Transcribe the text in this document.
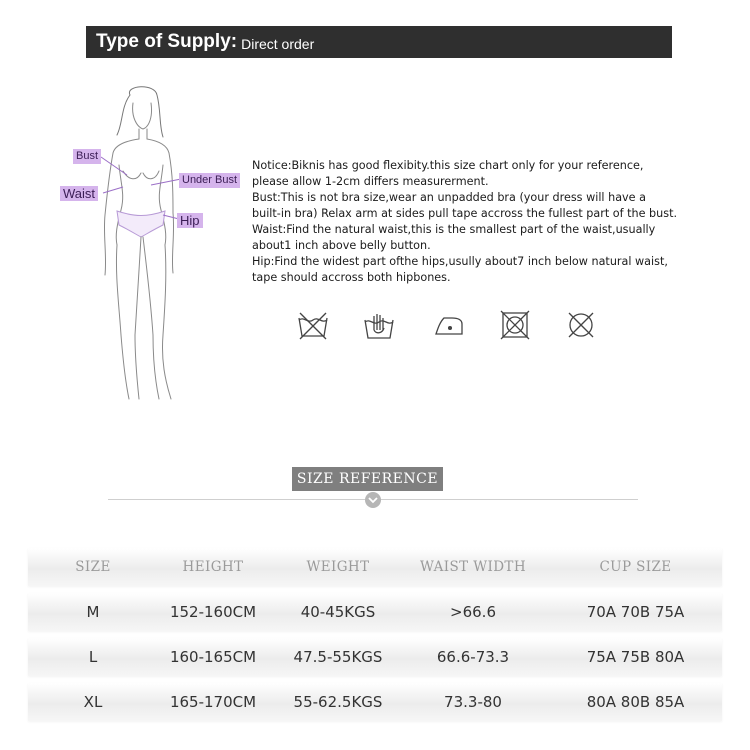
Type of Supply: Direct order
Bust
Waist
Under Bust
Hip

Notice:Biknis has good flexibity.this size chart only for your reference,

please allow 1-2cm differs measurerment.

Bust:This is not bra size,wear an unpadded bra (your dress will have a

built-in bra) Relax arm at sides pull tape accross the fullest part of the bust.

Waist:Find the natural waist,this is the smallest part of the waist,usually

about1 inch above belly button.

Hip:Find the widest part ofthe hips,usully about7 inch below natural waist,

tape should accross both hipbones.

SIZE REFERENCE
SIZE	HEIGHT	WEIGHT	WAIST WIDTH	CUP SIZE
M	152-160CM	40-45KGS	>66.6	70A 70B 75A
L	160-165CM	47.5-55KGS	66.6-73.3	75A 75B 80A
XL	165-170CM	55-62.5KGS	73.3-80	80A 80B 85A
